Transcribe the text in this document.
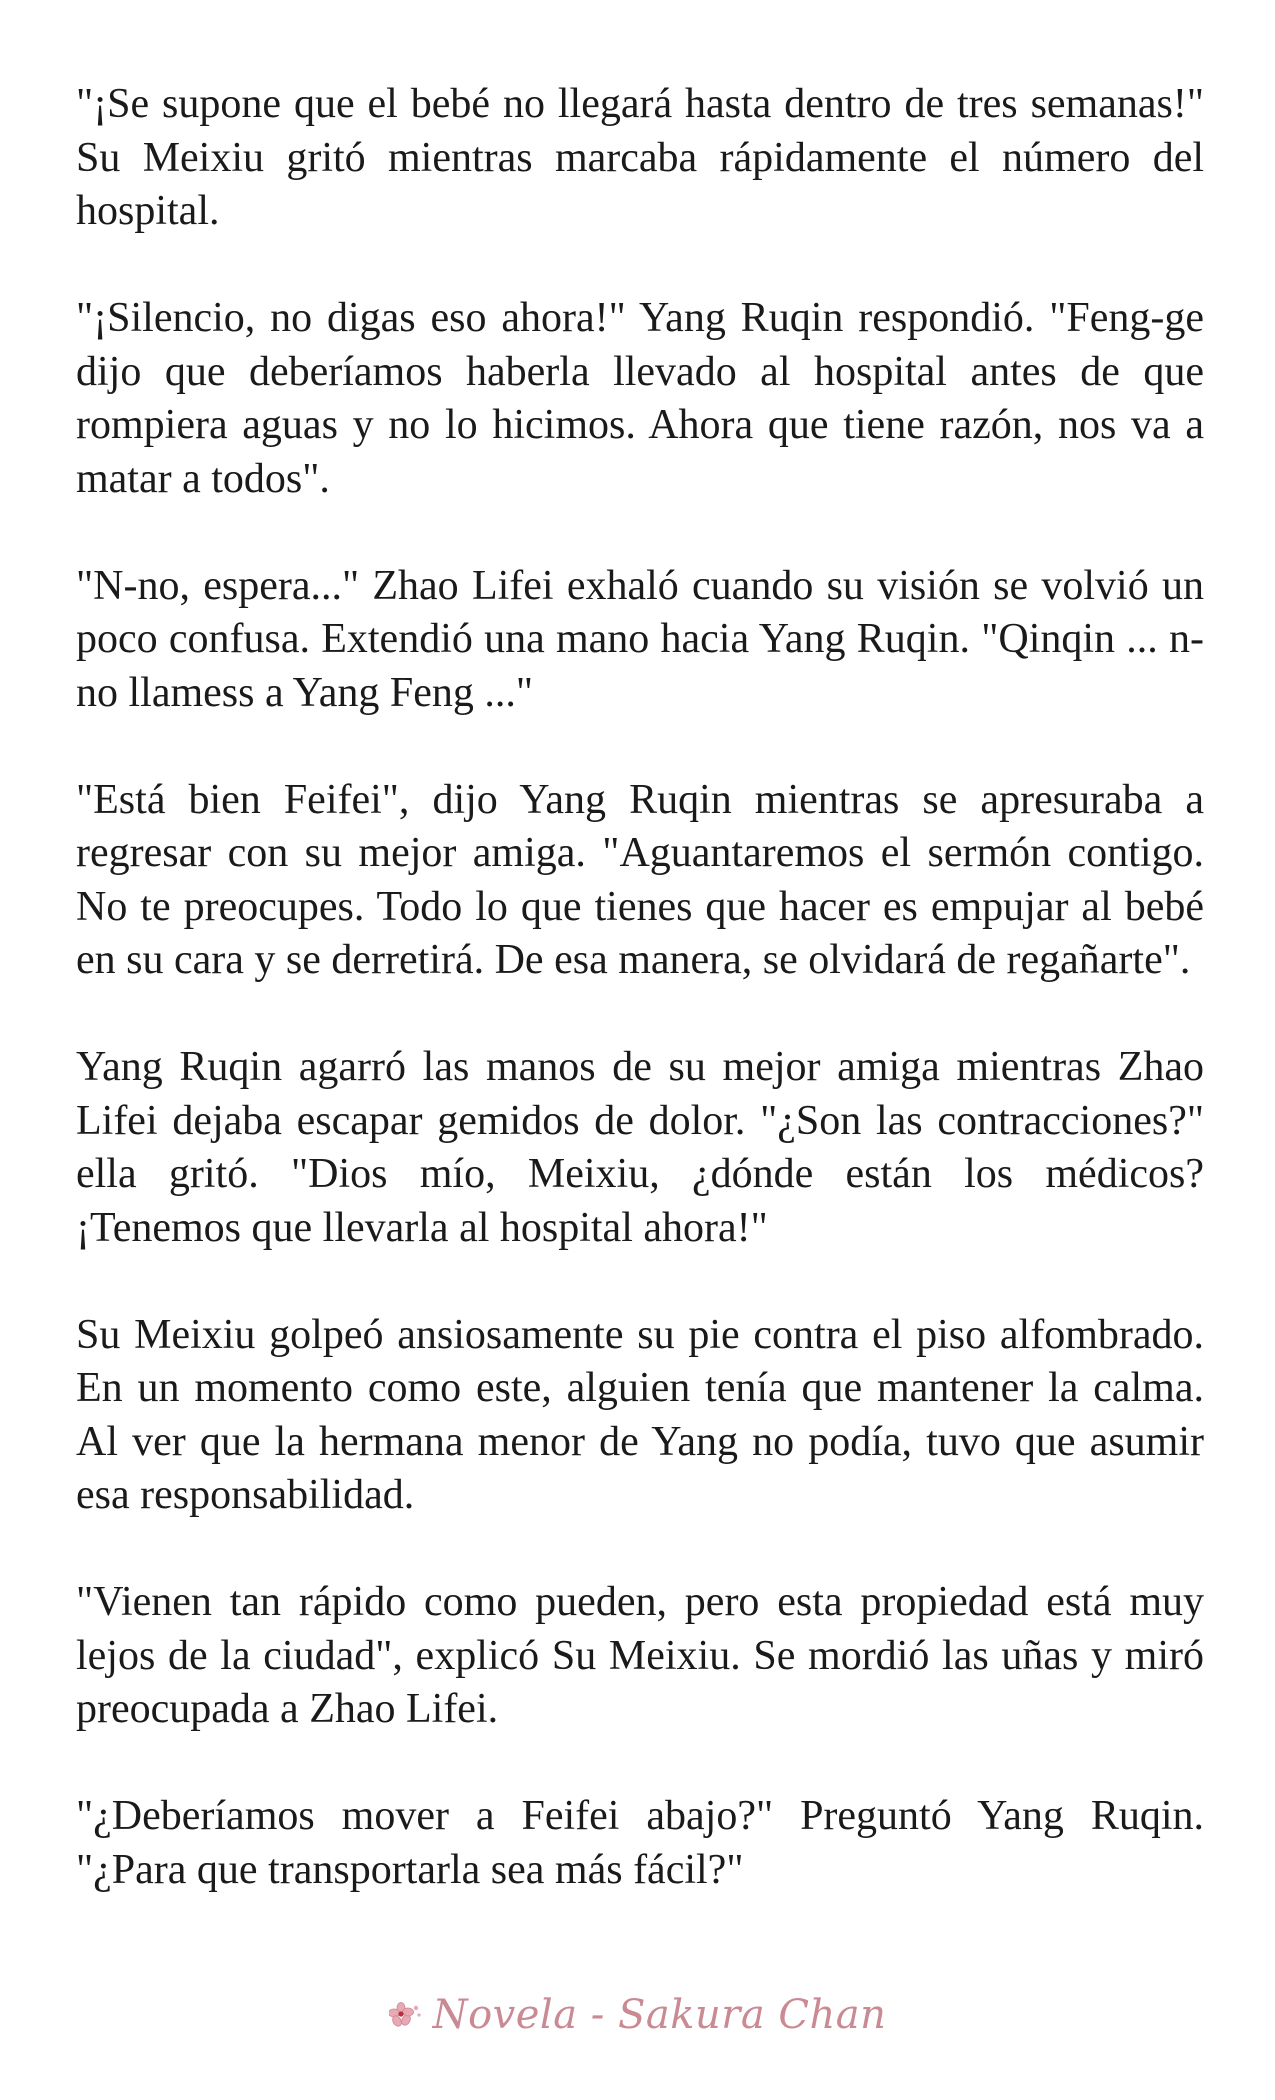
"¡Se supone que el bebé no llegará hasta dentro de tres semanas!" Su Meixiu gritó mientras marcaba rápidamente el número del hospital.

"¡Silencio, no digas eso ahora!" Yang Ruqin respondió. "Feng-ge dijo que deberíamos haberla llevado al hospital antes de que rompiera aguas y no lo hicimos. Ahora que tiene razón, nos va a matar a todos".

"N-no, espera..." Zhao Lifei exhaló cuando su visión se volvió un poco confusa. Extendió una mano hacia Yang Ruqin. "Qinqin ... n-no llamess a Yang Feng ..."

"Está bien Feifei", dijo Yang Ruqin mientras se apresuraba a regresar con su mejor amiga. "Aguantaremos el sermón contigo. No te preocupes. Todo lo que tienes que hacer es empujar al bebé en su cara y se derretirá. De esa manera, se olvidará de regañarte".

Yang Ruqin agarró las manos de su mejor amiga mientras Zhao Lifei dejaba escapar gemidos de dolor. "¿Son las contracciones?" ella gritó. "Dios mío, Meixiu, ¿dónde están los médicos? ¡Tenemos que llevarla al hospital ahora!"

Su Meixiu golpeó ansiosamente su pie contra el piso alfombrado. En un momento como este, alguien tenía que mantener la calma. Al ver que la hermana menor de Yang no podía, tuvo que asumir esa responsabilidad.

"Vienen tan rápido como pueden, pero esta propiedad está muy lejos de la ciudad", explicó Su Meixiu. Se mordió las uñas y miró preocupada a Zhao Lifei.

"¿Deberíamos mover a Feifei abajo?" Preguntó Yang Ruqin. "¿Para que transportarla sea más fácil?"

Novela - Sakura Chan
